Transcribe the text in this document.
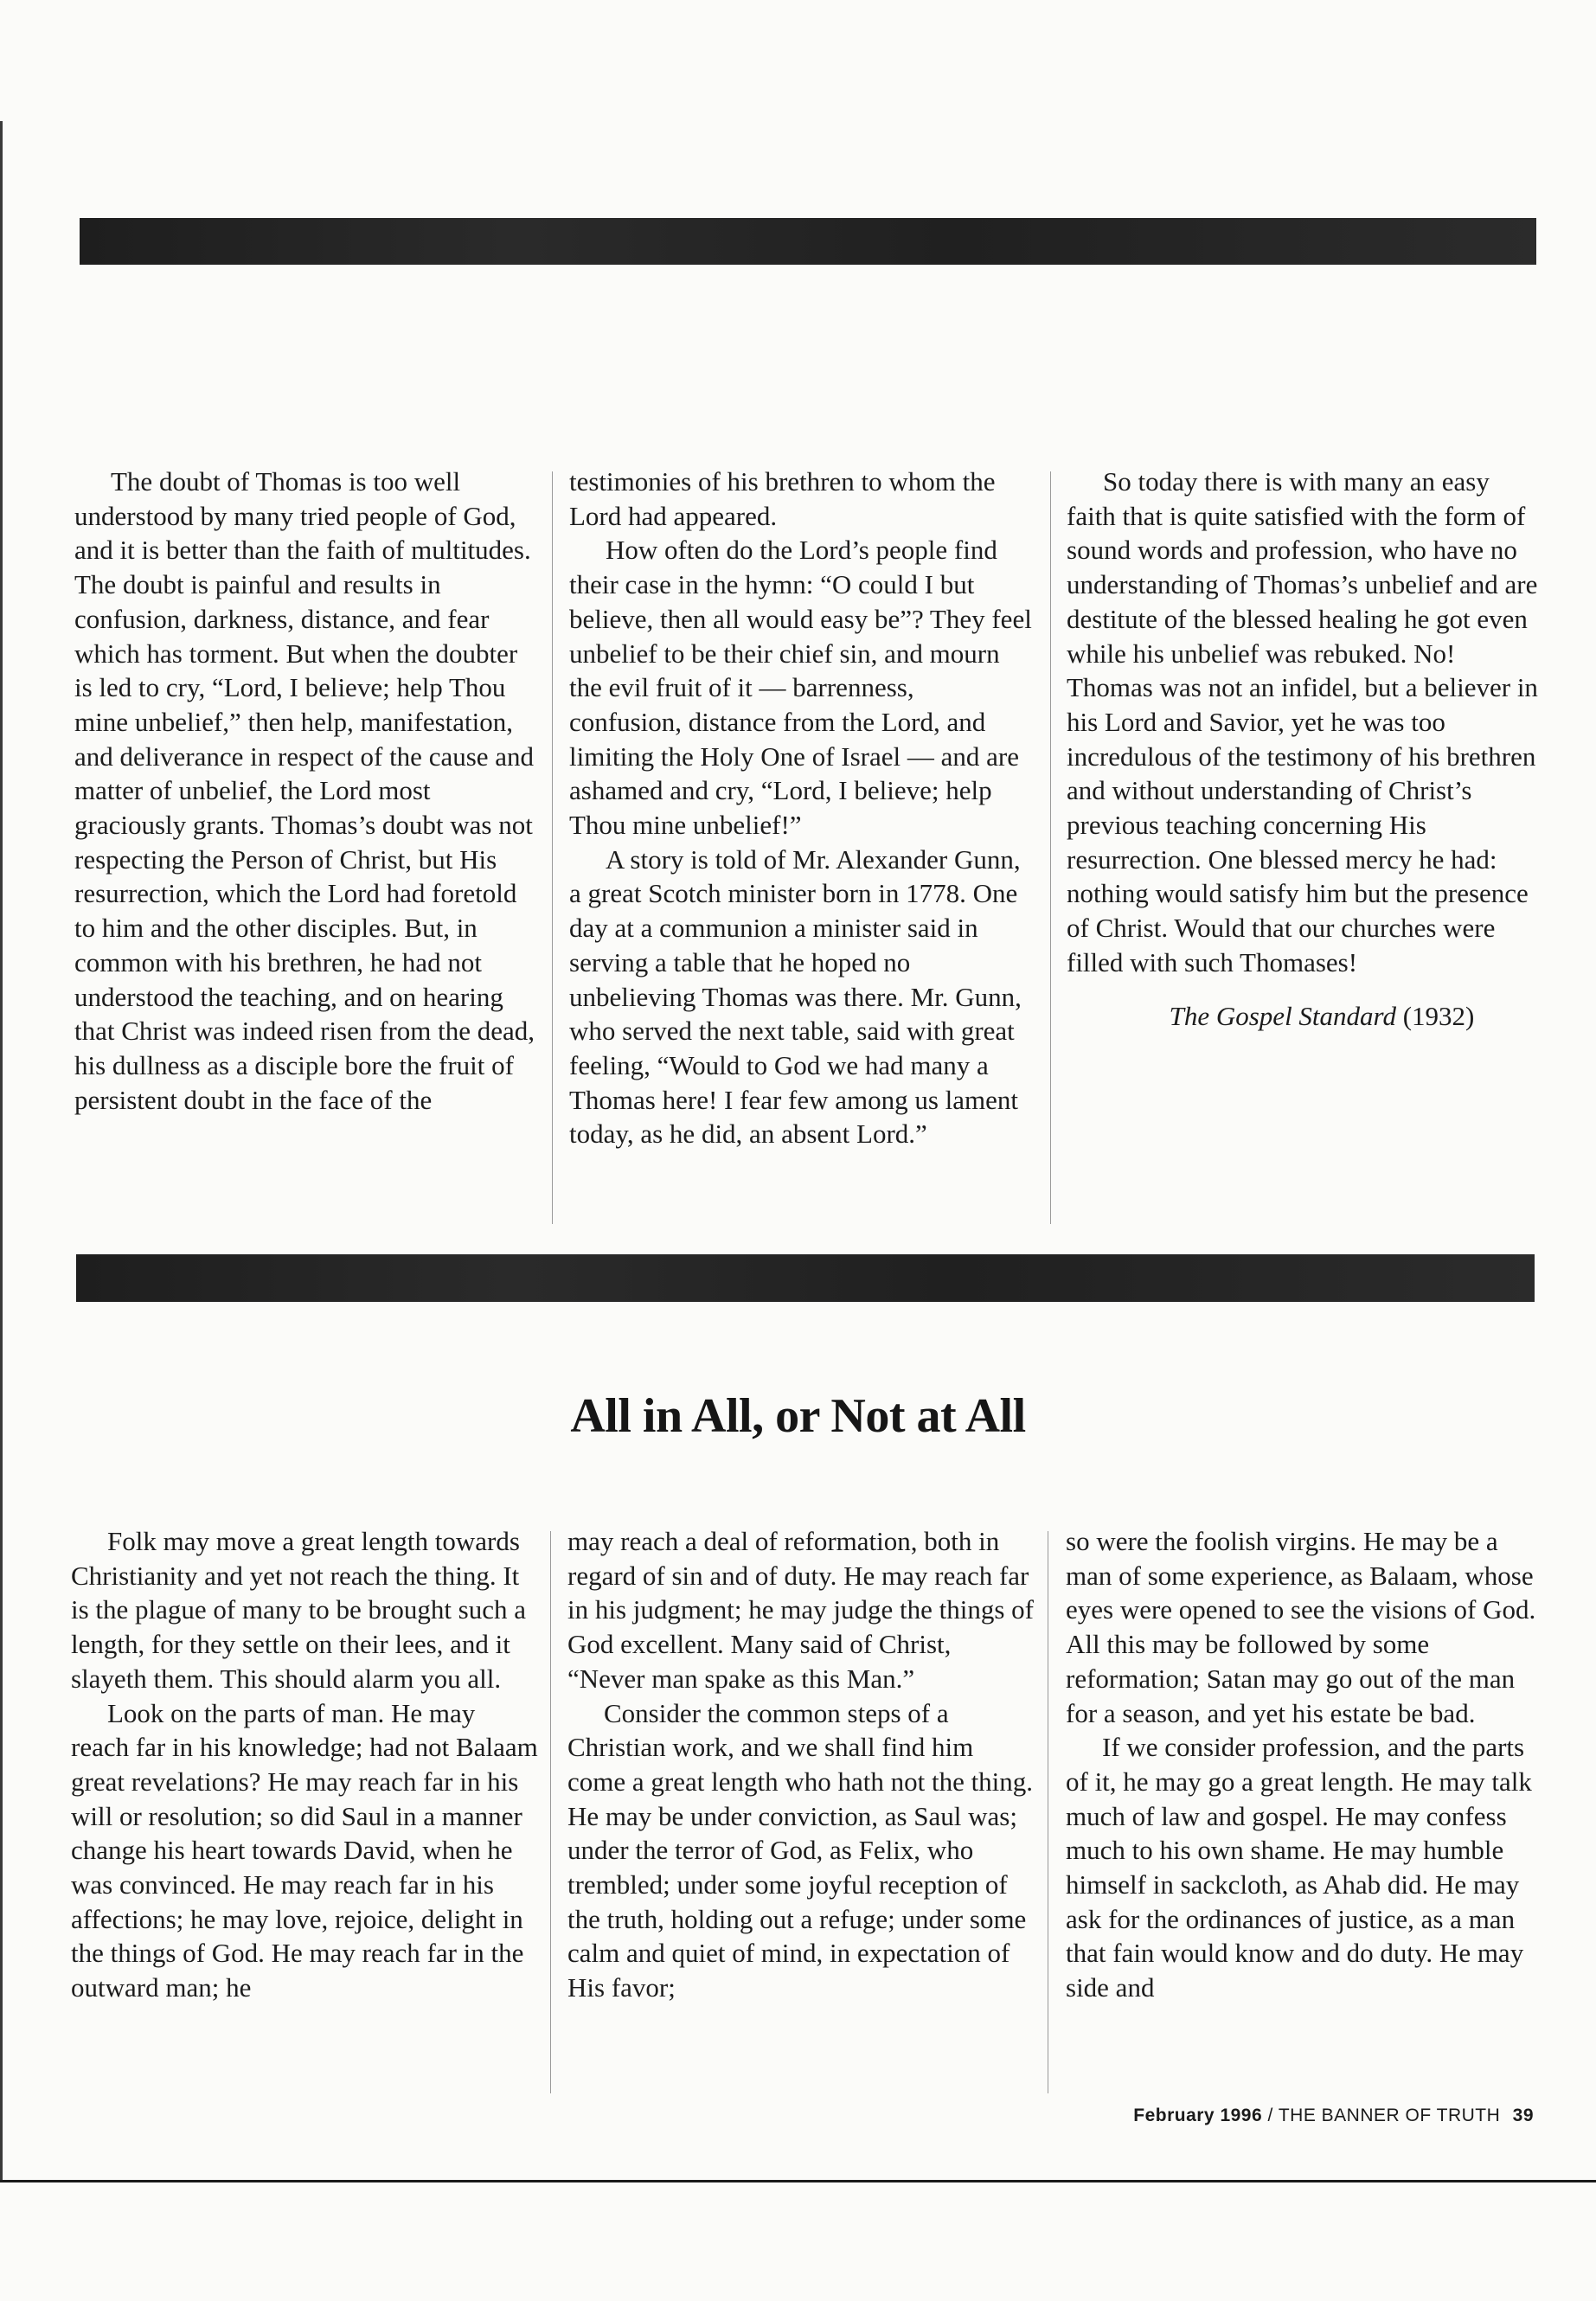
The doubt of Thomas is too well understood by many tried people of God, and it is better than the faith of multitudes. The doubt is painful and results in confusion, darkness, distance, and fear which has torment. But when the doubter is led to cry, “Lord, I believe; help Thou mine unbelief,” then help, manifestation, and deliverance in respect of the cause and matter of unbelief, the Lord most graciously grants. Thomas’s doubt was not respecting the Person of Christ, but His resurrection, which the Lord had foretold to him and the other disciples. But, in common with his brethren, he had not understood the teaching, and on hearing that Christ was indeed risen from the dead, his dullness as a disciple bore the fruit of persistent doubt in the face of the

testimonies of his brethren to whom the Lord had appeared.

How often do the Lord’s people find their case in the hymn: “O could I but believe, then all would easy be”? They feel unbelief to be their chief sin, and mourn the evil fruit of it — barrenness, confusion, distance from the Lord, and limiting the Holy One of Israel — and are ashamed and cry, “Lord, I believe; help Thou mine unbelief!”

A story is told of Mr. Alexander Gunn, a great Scotch minister born in 1778. One day at a communion a minister said in serving a table that he hoped no unbelieving Thomas was there. Mr. Gunn, who served the next table, said with great feeling, “Would to God we had many a Thomas here! I fear few among us lament today, as he did, an absent Lord.”

So today there is with many an easy faith that is quite satisfied with the form of sound words and profession, who have no understanding of Thomas’s unbelief and are destitute of the blessed healing he got even while his unbelief was rebuked. No! Thomas was not an infidel, but a believer in his Lord and Savior, yet he was too incredulous of the testimony of his brethren and without understanding of Christ’s previous teaching concerning His resurrection. One blessed mercy he had: nothing would satisfy him but the presence of Christ. Would that our churches were filled with such Thomases!

The Gospel Standard (1932)

All in All, or Not at All

Folk may move a great length towards Christianity and yet not reach the thing. It is the plague of many to be brought such a length, for they settle on their lees, and it slayeth them. This should alarm you all.

Look on the parts of man. He may reach far in his knowledge; had not Balaam great revelations? He may reach far in his will or resolution; so did Saul in a manner change his heart towards David, when he was convinced. He may reach far in his affections; he may love, rejoice, delight in the things of God. He may reach far in the outward man; he

may reach a deal of reformation, both in regard of sin and of duty. He may reach far in his judgment; he may judge the things of God excellent. Many said of Christ, “Never man spake as this Man.”

Consider the common steps of a Christian work, and we shall find him come a great length who hath not the thing. He may be under conviction, as Saul was; under the terror of God, as Felix, who trembled; under some joyful reception of the truth, holding out a refuge; under some calm and quiet of mind, in expectation of His favor;

so were the foolish virgins. He may be a man of some experience, as Balaam, whose eyes were opened to see the visions of God. All this may be followed by some reformation; Satan may go out of the man for a season, and yet his estate be bad.

If we consider profession, and the parts of it, he may go a great length. He may talk much of law and gospel. He may confess much to his own shame. He may humble himself in sackcloth, as Ahab did. He may ask for the ordinances of justice, as a man that fain would know and do duty. He may side and

February 1996 / THE BANNER OF TRUTH 39
